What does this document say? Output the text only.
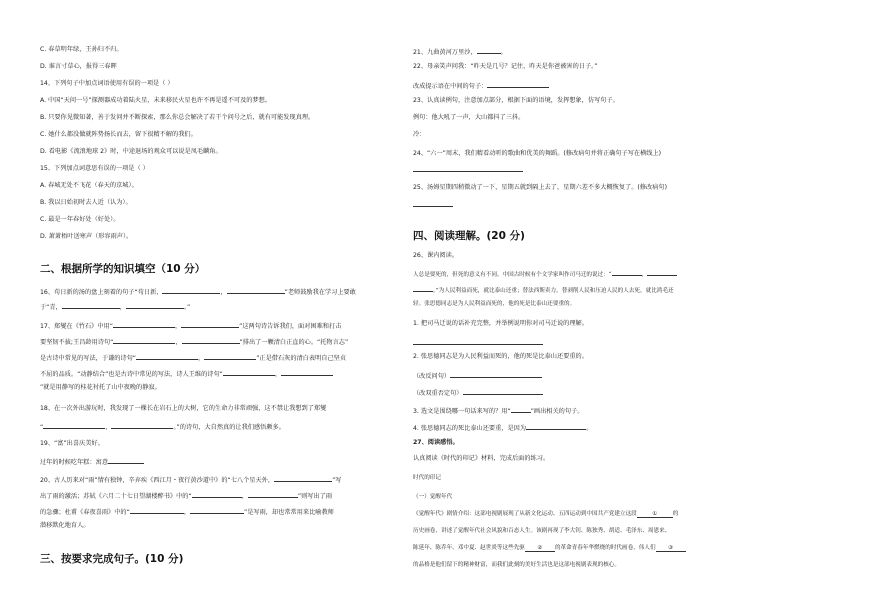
C. 春草明年绿，王孙归不归。
D. 谁言寸草心，报得三春晖
14、下列句子中加点词语使用有误的一项是（ ）
A. 中国“天问一号”探测器成功着陆火星，未来移民火星也许不再是遥不可及的梦想。
B. 只要你见微知著，善于发问并不断探索，那么你总会解决了若干个问号之后，就有可能发现真理。
C. 她什么都没做就阵势扬长而去，留下很精不解的我们。
D. 看电影《流浪地球 2》时，中途退场的观众可以说是凤毛麟角。
15、下列加点词意思有误的一项是（ ）
A. 春城无处不飞花（春天的京城）。
B. 我以日始初时去人近（认为）。
C. 最是一年春好处（好处）。
D. 萧萧梧叶送寒声（形容雨声）。
二、根据所学的知识填空（10 分）
16、苟日新的汤的盘上刻着的句子“苟日新，	，	”老师鼓励我在学习上要敢
于“青，	，	。”
17、郑燮在《竹石》中用“	，	”这两句诗告诉我们，面对困难和打击
要坚韧不拔;王昌龄用诗句“	，	”排出了一颗清白正直的心。“托物言志”
是古诗中常见的写法，于谦的诗句“	，	”正是借石灰的清白表明自己坚贞
不屈的品质。“动静结合”也是古诗中常见的写法，诗人王维的诗句“	，
”就是用静写的桂花衬托了山中夜晚的静寂。
18、在一次外出游玩时，我发现了一棵长在岩石上的大树，它的生命力非常顽强，这不禁让我想到了郑燮
“	，	。”的诗句，大自然真的让我们感悟颇多。
19、“富”出喜庆美好。
过年的时候吃年糕：寓意
20、古人历来对“雨”情有独钟，辛弃疾《西江月・夜行黄沙道中》的“七八个星天外，	”写
出了雨的激活；苏轼《六月二十七日望湖楼醉书》中的“	，	”则写出了雨
的急骤；杜甫《春夜喜雨》中的“	，	”是写雨，却也常常用来比喻教师
潜移默化地育人。
三、按要求完成句子。(10 分)
21、九曲黄河万里沙，	。
22、母亲笑声问我：“昨天是几号？记住，昨天是你爸被害的日子。”
改成提示语在中间的句子：
23、认真读例句，注意加点部分，根据下面的语境，发挥想象，仿写句子。
例句：他大吼了一声，大山都抖了三抖。
冷：
24、“六一”周末，我们精看动听的歌曲和优美的舞蹈。(修改病句并将正确句子写在横线上)
25、汤姆星期四稍微动了一下，星期五就到隔上去了，星期六差不多大概恢复了。(修改病句)
四、阅读理解。(20 分)
26、课内阅读。
人总是要死的，但死的意义有不同。中国古时候有个文学家叫作司马迁的说过：“	，
。”为人民利益而死，就比泰山还重；替法西斯卖力，替剥削人民和压迫人民的人去死，就比鸿毛还
轻。张思德同志是为人民利益而死的，他的死是比泰山还要重的。
1. 把司马迁说的话补充完整，并举例说明你对司马迁说的理解。
2. 张思德同志是为人民利益而死的，他的死是比泰山还要重的。
（改反问句）
（改双重否定句）
3. 选文是围绕哪一句话来写的？用“	”画出相关的句子。
4. 张思德同志的死比泰山还要重，是因为	。
27、阅读感悟。
认真阅读《时代的印记》材料，完成后面的练习。
时代的印记
（一）觉醒年代
《觉醒年代》剧情介绍：这部电视剧展现了从新文化运动、五四运动到中国共产党建立这段	①	的
历史画卷，讲述了觉醒年代社会风貌和百态人生。该剧再现了李大钊、陈独秀、胡适、毛泽东、周恩来、
陈延年、陈乔年、邓中夏、赵世炎等这些先驱 ② 的革命青春年华燃烧的时代画卷，伟人们 ③
的品格是他们留下的精神财富，而我们此刻的美好生活也是这部电视剧表现的核心。
